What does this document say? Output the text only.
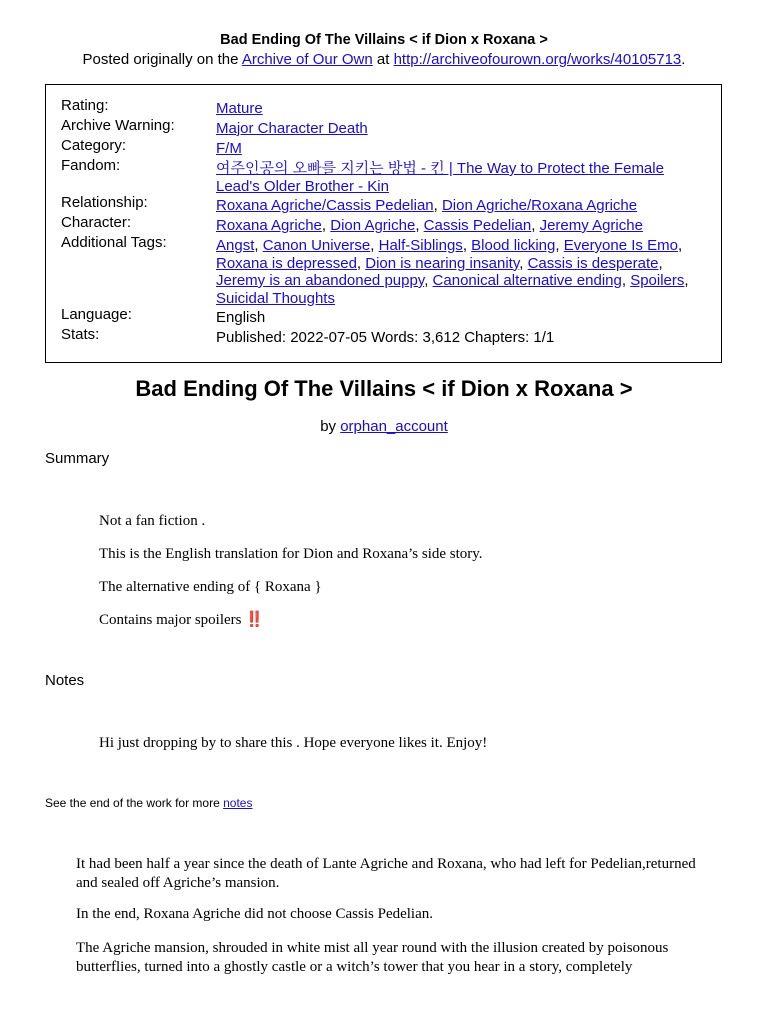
Bad Ending Of The Villains < if Dion x Roxana >
Posted originally on the Archive of Our Own at http://archiveofourown.org/works/40105713.
Rating:	Mature
Archive Warning:	Major Character Death
Category:	F/M
Fandom:	여주인공의 오빠를 지키는 방법 - 킨 | The Way to Protect the Female Lead's Older Brother - Kin
Relationship:	Roxana Agriche/Cassis Pedelian, Dion Agriche/Roxana Agriche
Character:	Roxana Agriche, Dion Agriche, Cassis Pedelian, Jeremy Agriche
Additional Tags:	Angst, Canon Universe, Half-Siblings, Blood licking, Everyone Is Emo, Roxana is depressed, Dion is nearing insanity, Cassis is desperate, Jeremy is an abandoned puppy, Canonical alternative ending, Spoilers, Suicidal Thoughts
Language:	English
Stats:	Published: 2022-07-05 Words: 3,612 Chapters: 1/1
Bad Ending Of The Villains < if Dion x Roxana >
by orphan_account
Summary
Not a fan fiction .
This is the English translation for Dion and Roxana’s side story.
The alternative ending of { Roxana }
Contains major spoilers ‼️
Notes
Hi just dropping by to share this . Hope everyone likes it. Enjoy!
See the end of the work for more notes
It had been half a year since the death of Lante Agriche and Roxana, who had left for Pedelian,returned and sealed off Agriche’s mansion.
In the end, Roxana Agriche did not choose Cassis Pedelian.
The Agriche mansion, shrouded in white mist all year round with the illusion created by poisonous butterflies, turned into a ghostly castle or a witch’s tower that you hear in a story, completely
